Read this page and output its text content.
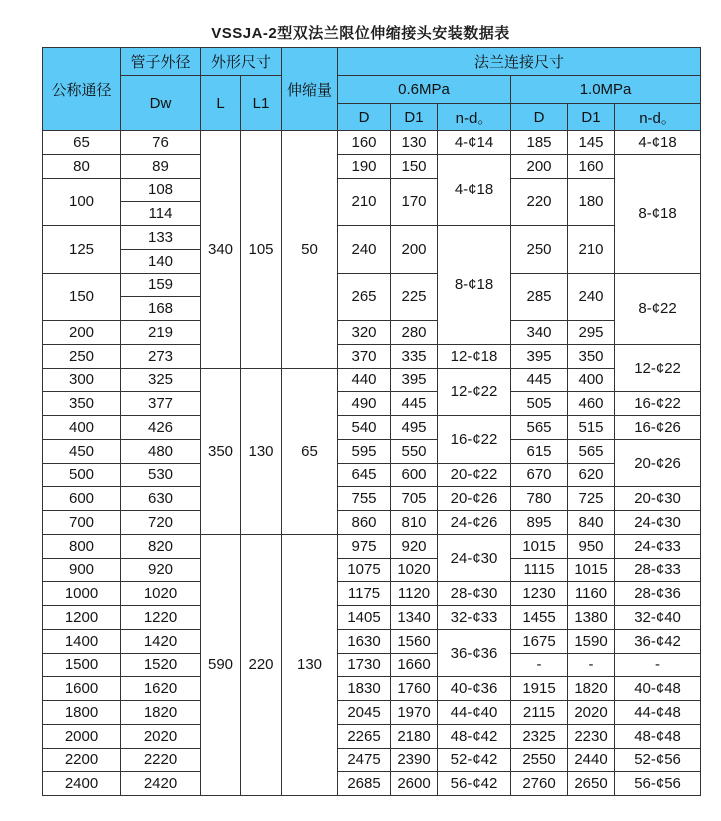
VSSJA-2型双法兰限位伸缩接头安装数据表
公称通径	管子外径	外形尺寸		伸缩量	法兰连接尺寸					
	Dw	L	L1		0.6MPa			1.0MPa		
					D	D1	n-d。	D	D1	n-d。
65	76	340	105	50	160	130	4-¢14	185	145	4-¢18
80	89				190	150	4-¢18	200	160	8-¢18
100	108				210	170		220	180	
	114									
125	133				240	200	8-¢18	250	210	
	140									
150	159				265	225		285	240	8-¢22
	168									
200	219				320	280		340	295	
250	273				370	335	12-¢18	395	350	12-¢22
300	325	350	130	65	440	395	12-¢22	445	400	
350	377				490	445		505	460	16-¢22
400	426				540	495	16-¢22	565	515	16-¢26
450	480				595	550		615	565	20-¢26
500	530				645	600	20-¢22	670	620	
600	630				755	705	20-¢26	780	725	20-¢30
700	720				860	810	24-¢26	895	840	24-¢30
800	820	590	220	130	975	920	24-¢30	1015	950	24-¢33
900	920				1075	1020		1115	1015	28-¢33
1000	1020				1175	1120	28-¢30	1230	1160	28-¢36
1200	1220				1405	1340	32-¢33	1455	1380	32-¢40
1400	1420				1630	1560	36-¢36	1675	1590	36-¢42
1500	1520				1730	1660		-	-	-
1600	1620				1830	1760	40-¢36	1915	1820	40-¢48
1800	1820				2045	1970	44-¢40	2115	2020	44-¢48
2000	2020				2265	2180	48-¢42	2325	2230	48-¢48
2200	2220				2475	2390	52-¢42	2550	2440	52-¢56
2400	2420				2685	2600	56-¢42	2760	2650	56-¢56
